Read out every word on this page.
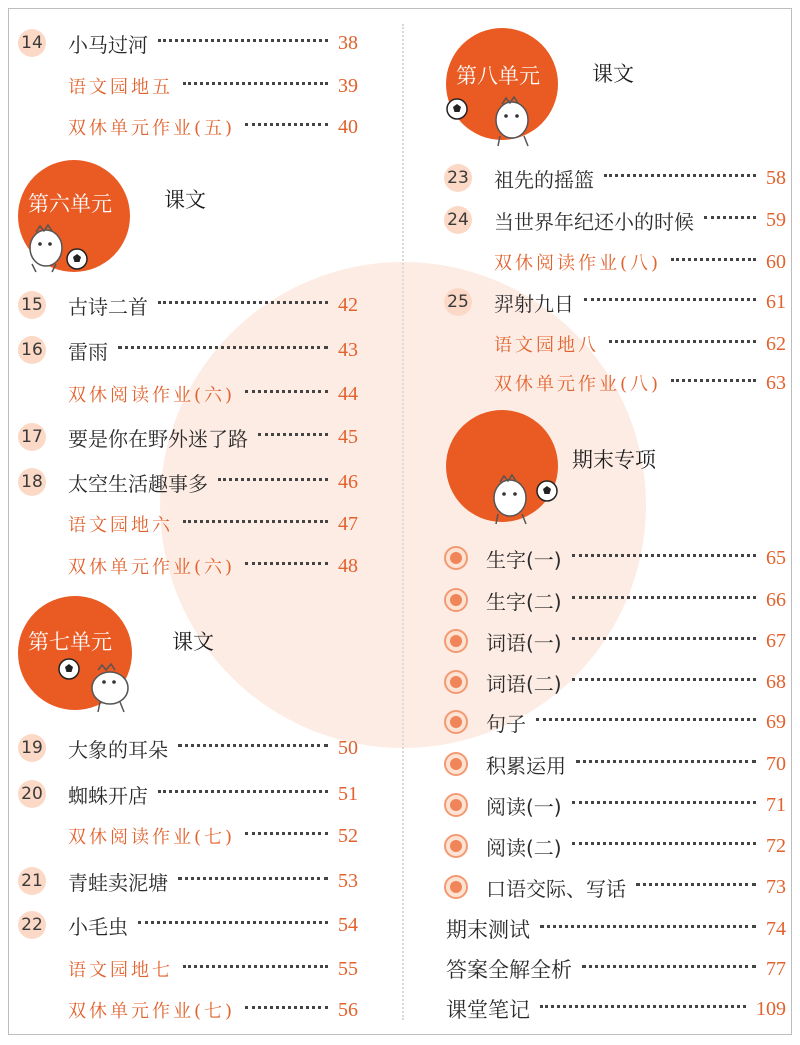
第六单元 课文
第七单元	课文
第八单元 课文
期末专项
14 小马过河	38
语文园地五	39
双休单元作业(五)	40
15 古诗二首	42
16 雷雨	43
双休阅读作业(六)	44
17 要是你在野外迷了路	45
18 太空生活趣事多	46
语文园地六	47
双休单元作业(六)	48
19 大象的耳朵	50
20 蜘蛛开店	51
双休阅读作业(七)	52
21 青蛙卖泥塘	53
22 小毛虫	54
语文园地七	55
双休单元作业(七)	56
23 祖先的摇篮	58
24 当世界年纪还小的时候	59
双休阅读作业(八)	60
25 羿射九日	61
语文园地八	62
双休单元作业(八)	63
生字(一)	65
生字(二)	66
词语(一)	67
词语(二)	68
句子	69
积累运用	70
阅读(一)	71
阅读(二)	72
口语交际、写话	73
期末测试	74
答案全解全析	77
课堂笔记	109
